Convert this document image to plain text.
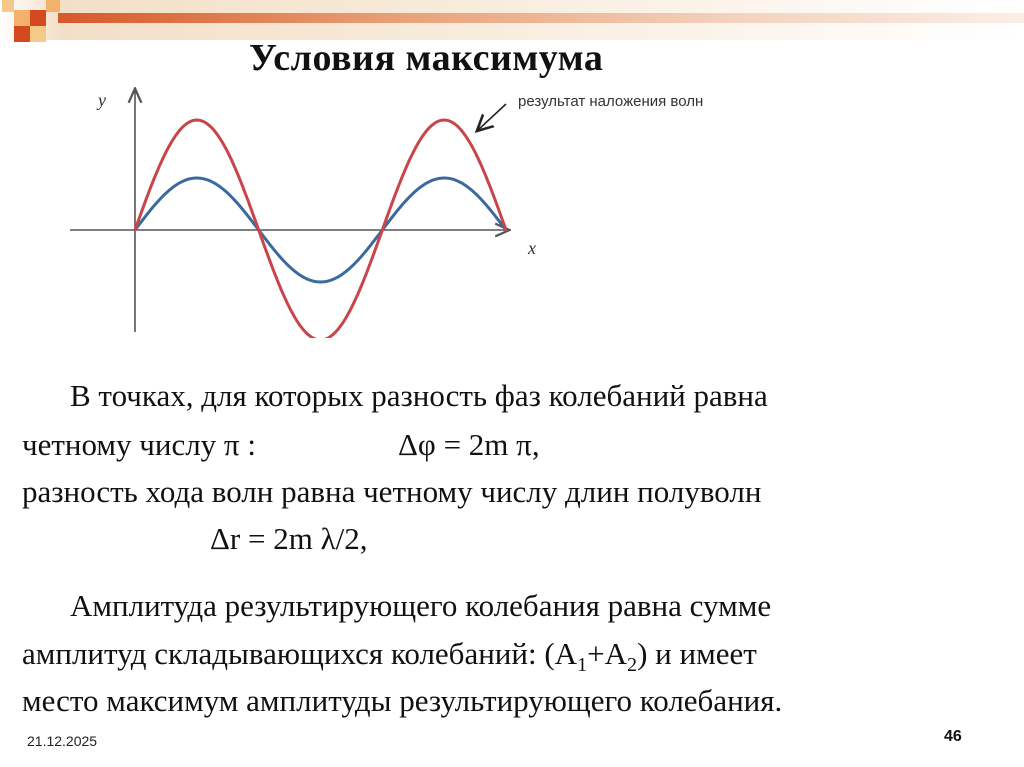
Условия максимума
y
x
результат наложения волн
В точках, для которых разность фаз колебаний равна
четному числу π :	Δφ = 2m π,
разность хода волн равна четному числу длин полуволн
Δr = 2m λ/2,
Амплитуда результирующего колебания равна сумме
амплитуд складывающихся колебаний: $(A_1+A_2)$ и имеет
место максимум амплитуды результирующего колебания.
21.12.2025	46
